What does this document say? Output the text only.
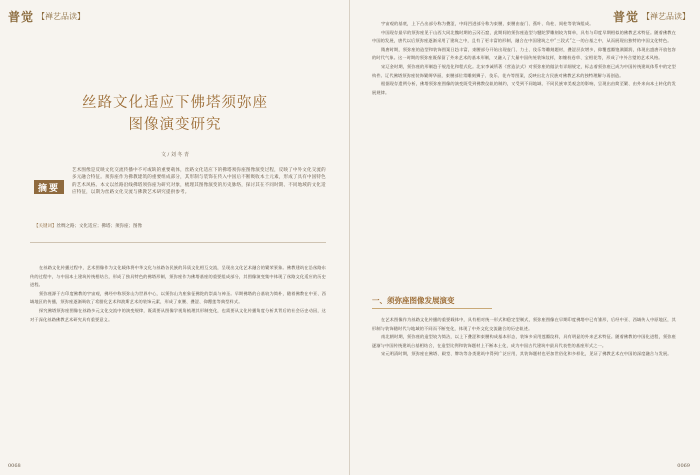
普觉 【禅艺品读】

丝路文化适应下佛塔须弥座

图像演变研究

文 / 刘 冬 青
摘要
艺术图像是反映文化交流传播中不可或缺的重要载体，丝路文化适应下的佛塔须弥座图像演变过程，反映了中外文化交流的多元融合特征。须弥座作为佛教建筑的重要组成部分，其形制与装饰在传入中国后不断吸收本土元素，形成了具有中国特色的艺术风格。本文以丝路沿线佛塔须弥座为研究对象，梳理其图像演变的历史脉络，探讨其在不同时期、不同地域的文化适应特征，以期为丝路文化交流与佛教艺术研究提供参考。
【关键词】丝绸之路；文化适应；佛塔；须弥座；图像

在丝路文化传播过程中，艺术图像作为文化载体将中华文化与丝路各民族的异质文化相互交流，呈现出文化艺术融合的繁荣景象。佛教建筑在沿丝路东传的过程中，与中国本土建筑传统相结合，形成了独具特色的佛塔形制，须弥座作为佛塔基座的重要组成部分，其图像演变集中体现了丝路文化适应的历史进程。

须弥座源于古印度佛教的宇宙观，佛经中称须弥山为世界中心，以须弥山为座象征佛陀的崇高与神圣。早期佛塔的台基较为简朴，随着佛教在中亚、西域地区的传播，须弥座逐渐吸收了希腊化艺术和波斯艺术的装饰元素，形成了束腰、叠涩、仰覆莲等典型样式。

探究佛塔须弥座图像在丝路多元文化交流中的演变规律，既需要从图像学视角梳理其形制变化，也需要从文化传播角度分析其背后的社会历史动因，这对于深化丝路佛教艺术研究具有重要意义。

0068
普觉 【禅艺品读】

宇宙观的基底，上下凸出部分称为叠涩，中间凹进部分称为束腰，束腰由壶门、蕉叶、角柱、间柱等装饰组成。

中国现存最早的须弥座见于山西大同北魏时期的云冈石窟，此期间的须弥座造型与犍陀罗雕刻较为简单，具有与印度早期相似的佛教艺术特征。随着佛教在中国的发展，唐代以后须弥座逐渐采用了建筑之中，且有了更丰富的形制，融合在中国建筑之中“三段式”之一的台基之中，从而展现出独特的中国文化特色。

隋唐时期，须弥座的造型和装饰图案日趋丰富，束腰部分开始出现壶门、力士、伎乐等雕刻题材，叠涩层次增多，仰覆莲瓣饱满圆润，体现出盛唐开放包容的时代气象。这一时期的须弥座既保留了外来艺术的基本形制，又融入了大量中国传统装饰纹样，如缠枝卷草、宝相花等，形成了中外合璧的艺术风格。

宋辽金时期，须弥座的形制趋于规范化和程式化。北宋李诫所著《营造法式》对须弥座的做法有详细规定，标志着须弥座已成为中国传统建筑体系中的定型构件。辽代佛塔须弥座装饰繁缛华丽，束腰部位常雕刻狮子、伎乐、花卉等图案，反映出北方民族对佛教艺术的独特理解与再创造。

根据现存遗例分析，佛塔须弥座图像的演变既受到佛教仪轨的制约，又受到不同地域、不同民族审美观念的影响，呈现出由简至繁、由外来向本土转化的发展规律。

一、须弥座图像发展演变

在艺术图像作为丝路文化传播的重要载体中，具有相对统一形式和稳定型制式，须弥座图像在早期印度佛塔中已有雏形，后经中亚、西域传入中原地区，其形制与装饰随时代与地域的不同而不断变化，体现了中外文化交流融合的历史轨迹。

南北朝时期，须弥座的造型较为简洁，以上下叠涩和束腰构成基本形态，装饰多采用莲瓣纹样，具有明显的外来艺术特征。随着佛教的中国化进程，须弥座逐渐与中国传统建筑台基相结合，在造型比例和装饰题材上不断本土化，成为中国古代建筑中最具代表性的基座形式之一。

宋元明清时期，须弥座在佛塔、殿堂、牌坊等各类建筑中得到广泛应用，其装饰题材也更加世俗化和多样化，见证了佛教艺术在中国的深度融合与发展。

0069
